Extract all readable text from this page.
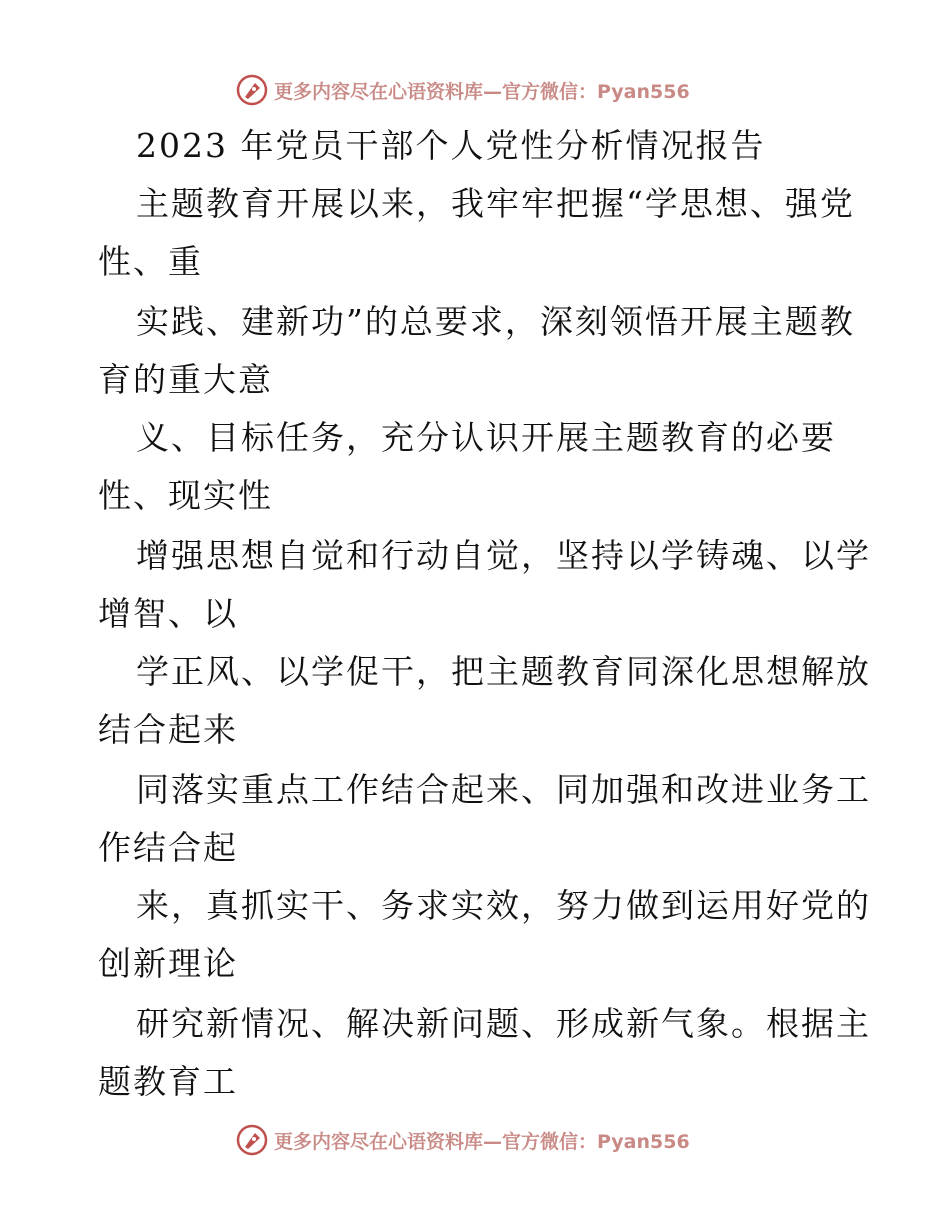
更多内容尽在心语资料库—官方微信：Pyan556
2023 年党员干部个人党性分析情况报告
主题教育开展以来，我牢牢把握“学思想、强党
性、重
实践、建新功”的总要求，深刻领悟开展主题教
育的重大意
义、目标任务，充分认识开展主题教育的必要
性、现实性
增强思想自觉和行动自觉，坚持以学铸魂、以学
增智、以
学正风、以学促干，把主题教育同深化思想解放
结合起来
同落实重点工作结合起来、同加强和改进业务工
作结合起
来，真抓实干、务求实效，努力做到运用好党的
创新理论
研究新情况、解决新问题、形成新气象。根据主
题教育工
更多内容尽在心语资料库—官方微信：Pyan556
